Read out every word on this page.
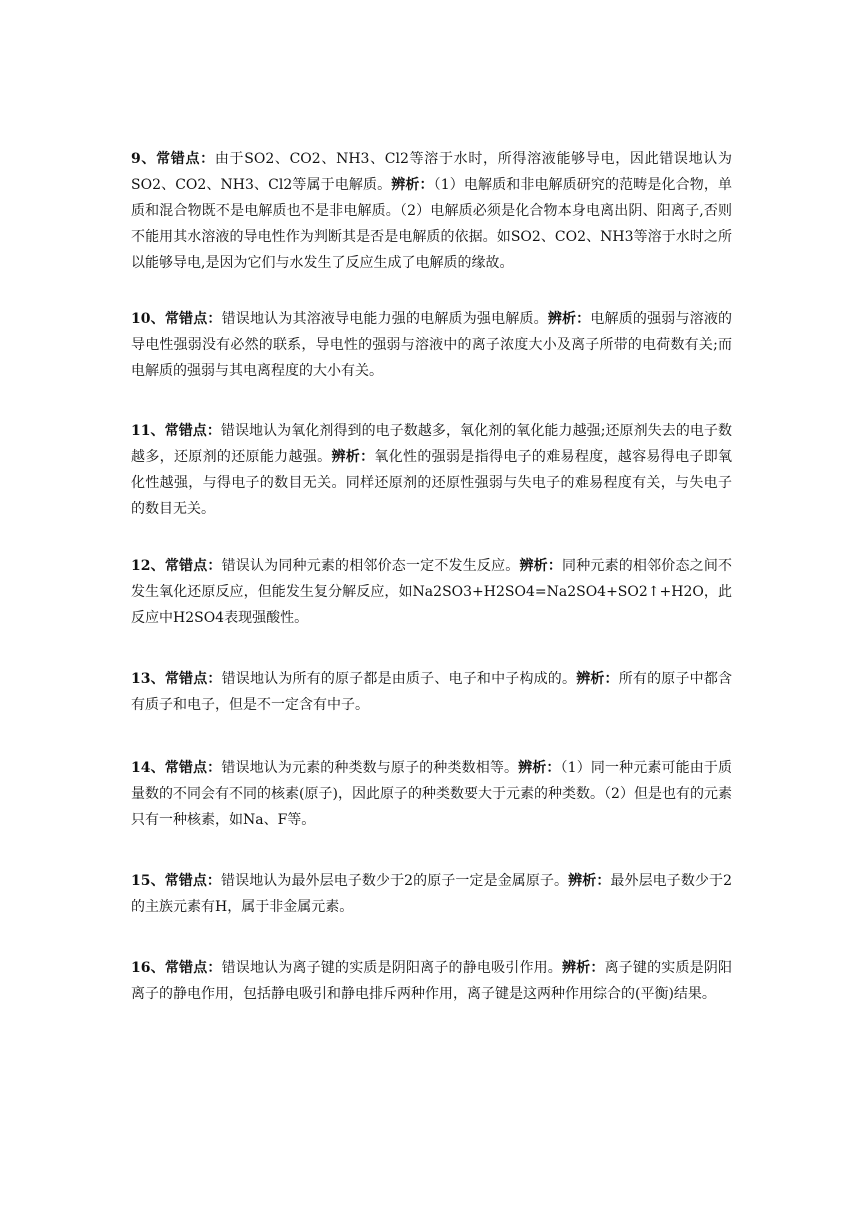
9、常错点：由于SO2、CO2、NH3、Cl2等溶于水时，所得溶液能够导电，因此错误地认为SO2、CO2、NH3、Cl2等属于电解质。辨析：（1）电解质和非电解质研究的范畴是化合物，单质和混合物既不是电解质也不是非电解质。（2）电解质必须是化合物本身电离出阴、阳离子,否则不能用其水溶液的导电性作为判断其是否是电解质的依据。如SO2、CO2、NH3等溶于水时之所以能够导电,是因为它们与水发生了反应生成了电解质的缘故。

10、常错点：错误地认为其溶液导电能力强的电解质为强电解质。辨析：电解质的强弱与溶液的导电性强弱没有必然的联系，导电性的强弱与溶液中的离子浓度大小及离子所带的电荷数有关;而电解质的强弱与其电离程度的大小有关。

11、常错点：错误地认为氧化剂得到的电子数越多，氧化剂的氧化能力越强;还原剂失去的电子数越多，还原剂的还原能力越强。辨析：氧化性的强弱是指得电子的难易程度，越容易得电子即氧化性越强，与得电子的数目无关。同样还原剂的还原性强弱与失电子的难易程度有关，与失电子的数目无关。

12、常错点：错误认为同种元素的相邻价态一定不发生反应。辨析：同种元素的相邻价态之间不发生氧化还原反应，但能发生复分解反应，如Na2SO3+H2SO4=Na2SO4+SO2↑+H2O，此反应中H2SO4表现强酸性。

13、常错点：错误地认为所有的原子都是由质子、电子和中子构成的。辨析：所有的原子中都含有质子和电子，但是不一定含有中子。

14、常错点：错误地认为元素的种类数与原子的种类数相等。辨析：（1）同一种元素可能由于质量数的不同会有不同的核素(原子)，因此原子的种类数要大于元素的种类数。（2）但是也有的元素只有一种核素，如Na、F等。

15、常错点：错误地认为最外层电子数少于2的原子一定是金属原子。辨析：最外层电子数少于2的主族元素有H，属于非金属元素。

16、常错点：错误地认为离子键的实质是阴阳离子的静电吸引作用。辨析：离子键的实质是阴阳离子的静电作用，包括静电吸引和静电排斥两种作用，离子键是这两种作用综合的(平衡)结果。
